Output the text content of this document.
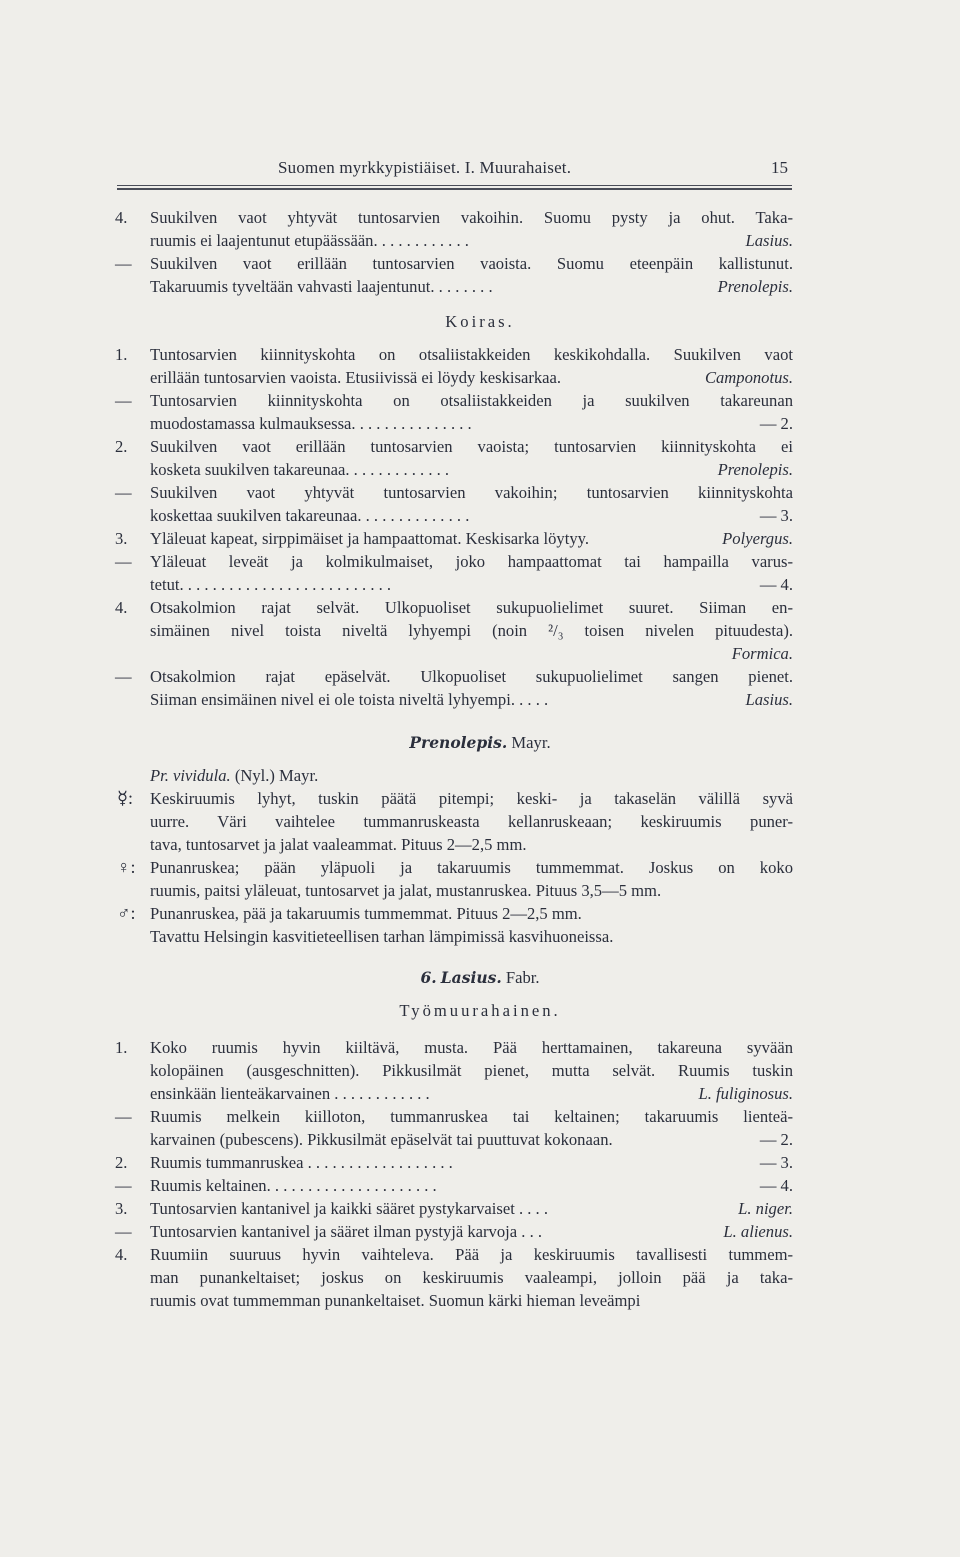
Suomen myrkkypistiäiset. I. Muurahaiset.	15
4.	Suukilven vaot yhtyvät tuntosarvien vakoihin. Suomu pysty ja ohut. Taka-
ruumis ei laajentunut etupäässään. . . . . . . . . . . .	Lasius.
—	Suukilven vaot erillään tuntosarvien vaoista. Suomu eteenpäin kallistunut.
Takaruumis tyveltään vahvasti laajentunut. . . . . . . .	Prenolepis.
Koiras.
1.	Tuntosarvien kiinnityskohta on otsaliistakkeiden keskikohdalla. Suukilven vaot
erillään tuntosarvien vaoista. Etusiivissä ei löydy keskisarkaa.	Camponotus.
—	Tuntosarvien kiinnityskohta on otsaliistakkeiden ja suukilven takareunan
muodostamassa kulmauksessa. . . . . . . . . . . . . . .	— 2.
2.	Suukilven vaot erillään tuntosarvien vaoista; tuntosarvien kiinnityskohta ei
kosketa suukilven takareunaa. . . . . . . . . . . . .	Prenolepis.
—	Suukilven vaot yhtyvät tuntosarvien vakoihin; tuntosarvien kiinnityskohta
koskettaa suukilven takareunaa. . . . . . . . . . . . . .	— 3.
3.	Yläleuat kapeat, sirppimäiset ja hampaattomat. Keskisarka löytyy.	Polyergus.
—	Yläleuat leveät ja kolmikulmaiset, joko hampaattomat tai hampailla varus-
tetut. . . . . . . . . . . . . . . . . . . . . . . . . .	— 4.
4.	Otsakolmion rajat selvät. Ulkopuoliset sukupuolielimet suuret. Siiman en-
simäinen nivel toista niveltä lyhyempi (noin ²/₃ toisen nivelen pituudesta).
Formica.
—	Otsakolmion rajat epäselvät. Ulkopuoliset sukupuolielimet sangen pienet.
Siiman ensimäinen nivel ei ole toista niveltä lyhyempi. . . . .	Lasius.
Prenolepis. Mayr.
Pr. vividula. (Nyl.) Mayr.
☿:	Keskiruumis lyhyt, tuskin päätä pitempi; keski- ja takaselän välillä syvä
uurre. Väri vaihtelee tummanruskeasta kellanruskeaan; keskiruumis puner-
tava, tuntosarvet ja jalat vaaleammat. Pituus 2—2,5 mm.
♀: Punanruskea; pään yläpuoli ja takaruumis tummemmat. Joskus on koko
ruumis, paitsi yläleuat, tuntosarvet ja jalat, mustanruskea. Pituus 3,5—5 mm.
♂: Punanruskea, pää ja takaruumis tummemmat. Pituus 2—2,5 mm.
Tavattu Helsingin kasvitieteellisen tarhan lämpimissä kasvihuoneissa.
6. Lasius. Fabr.
Työmuurahainen.
1.	Koko ruumis hyvin kiiltävä, musta. Pää herttamainen, takareuna syvään
kolopäinen (ausgeschnitten). Pikkusilmät pienet, mutta selvät. Ruumis tuskin
ensinkään lienteäkarvainen . . . . . . . . . . . .	L. fuliginosus.
—	Ruumis melkein kiilloton, tummanruskea tai keltainen; takaruumis lienteä-
karvainen (pubescens). Pikkusilmät epäselvät tai puuttuvat kokonaan.	— 2.
2.	Ruumis tummanruskea . . . . . . . . . . . . . . . . . .	— 3.
—	Ruumis keltainen. . . . . . . . . . . . . . . . . . . . .	— 4.
3.	Tuntosarvien kantanivel ja kaikki sääret pystykarvaiset . . . .	L. niger.
—	Tuntosarvien kantanivel ja sääret ilman pystyjä karvoja . . .	L. alienus.
4.	Ruumiin suuruus hyvin vaihteleva. Pää ja keskiruumis tavallisesti tummem-
man punankeltaiset; joskus on keskiruumis vaaleampi, jolloin pää ja taka-
ruumis ovat tummemman punankeltaiset. Suomun kärki hieman leveämpi
